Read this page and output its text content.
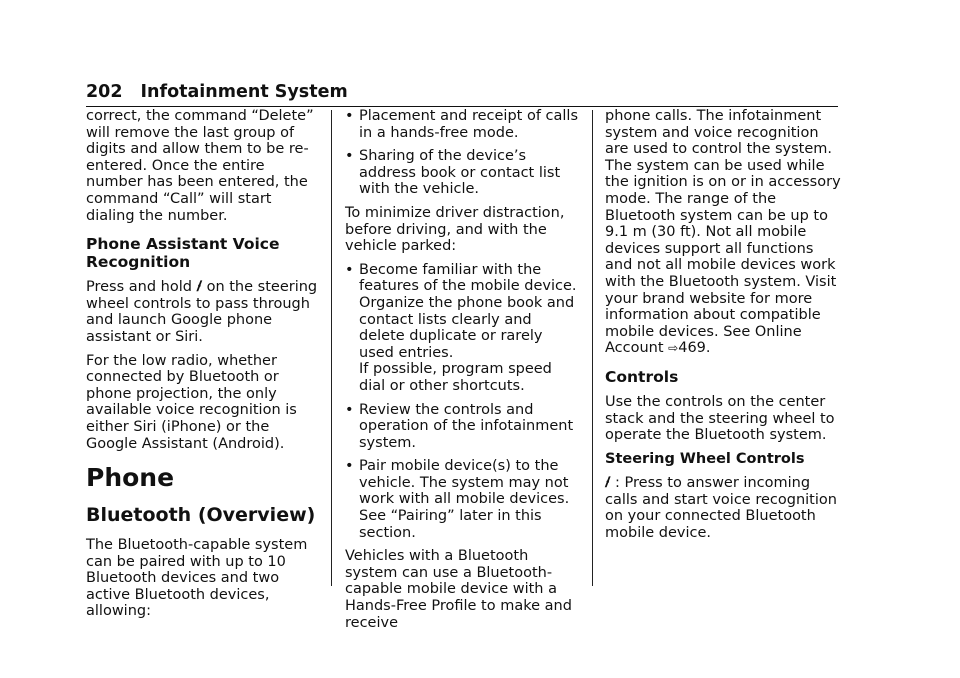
202 Infotainment System

correct, the command “Delete” will remove the last group of digits and allow them to be re-entered. Once the entire number has been entered, the command “Call” will start dialing the number.

Phone Assistant Voice Recognition

Press and hold ⹊ on the steering wheel controls to pass through and launch Google phone assistant or Siri.

For the low radio, whether connected by Bluetooth or phone projection, the only available voice recognition is either Siri (iPhone) or the Google Assistant (Android).

Phone
Bluetooth (Overview)

The Bluetooth-capable system can be paired with up to 10 Bluetooth devices and two active Bluetooth devices, allowing:

• Placement and receipt of calls in a hands-free mode.
• Sharing of the device’s address book or contact list with the vehicle.

To minimize driver distraction, before driving, and with the vehicle parked:

• Become familiar with the features of the mobile device. Organize the phone book and contact lists clearly and delete duplicate or rarely used entries.
If possible, program speed dial or other shortcuts.
• Review the controls and operation of the infotainment system.
• Pair mobile device(s) to the vehicle. The system may not work with all mobile devices. See “Pairing” later in this section.

Vehicles with a Bluetooth system can use a Bluetooth-capable mobile device with a Hands-Free Profile to make and receive

phone calls. The infotainment system and voice recognition are used to control the system. The system can be used while the ignition is on or in accessory mode. The range of the Bluetooth system can be up to 9.1 m (30 ft). Not all mobile devices support all functions and not all mobile devices work with the Bluetooth system. Visit your brand website for more information about compatible mobile devices. See Online Account ⇨469.

Controls

Use the controls on the center stack and the steering wheel to operate the Bluetooth system.

Steering Wheel Controls

⹊ : Press to answer incoming calls and start voice recognition on your connected Bluetooth mobile device.
